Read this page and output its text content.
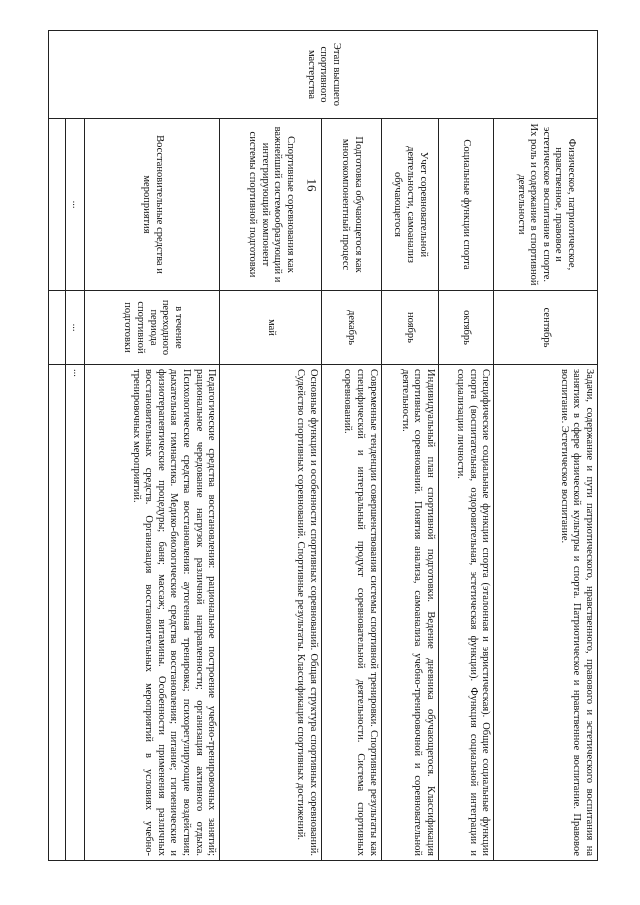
16
Этап высшего спортивного мастерства	Физическое, патриотическое, нравственное, правовое и эстетическое воспитание в спорте. Их роль и содержание в спортивной деятельности	сентябрь	Задачи, содержание и пути патриотического, нравственного, правового и эстетического воспитания на занятиях в сфере физической культуры и спорта. Патриотическое и нравственное воспитание. Правовое воспитание. Эстетическое воспитание.
	Социальные функции спорта	октябрь	Специфические социальные функции спорта (эталонная и эвристическая). Общие социальные функции спорта (воспитательная, оздоровительная, эстетическая функции). Функция социальной интеграции и социализации личности.
	Учет соревновательной деятельности, самоанализ обучающегося	ноябрь	Индивидуальный план спортивной подготовки. Ведение дневника обучающегося. Классификация спортивных соревнований. Понятия анализа, самоанализа учебно-тренировочной и соревновательной деятельности.
	Подготовка обучающегося как многокомпонентный процесс	декабрь	Современные тенденции совершенствования системы спортивной тренировки. Спортивные результаты как специфический и интегральный продукт соревновательной деятельности. Система спортивных соревнований.
	Спортивные соревнования как важнейший системообразующий и интегрирующий компонент системы спортивной подготовки	май	Основные функции и особенности спортивных соревнований. Общая структура спортивных соревнований. Судейство спортивных соревнований. Спортивные результаты. Классификация спортивных достижений.
	Восстановительные средства и мероприятия	в течение переходного периода спортивной подготовки	Педагогические средства восстановления: рациональное построение учебно-тренировочных занятий; рациональное чередование нагрузок различной направленности; организация активного отдыха. Психологические средства восстановления: аутогенная тренировка; психорегулирующие воздействия; дыхательная гимнастика. Медико-биологические средства восстановления; питание; гигиенические и физиотерапевтические процедуры; баня; массаж; витамины. Особенности применения различных восстановительных средств. Организация восстановительных мероприятий в условиях учебно-тренировочных мероприятий.
	...	...	...
